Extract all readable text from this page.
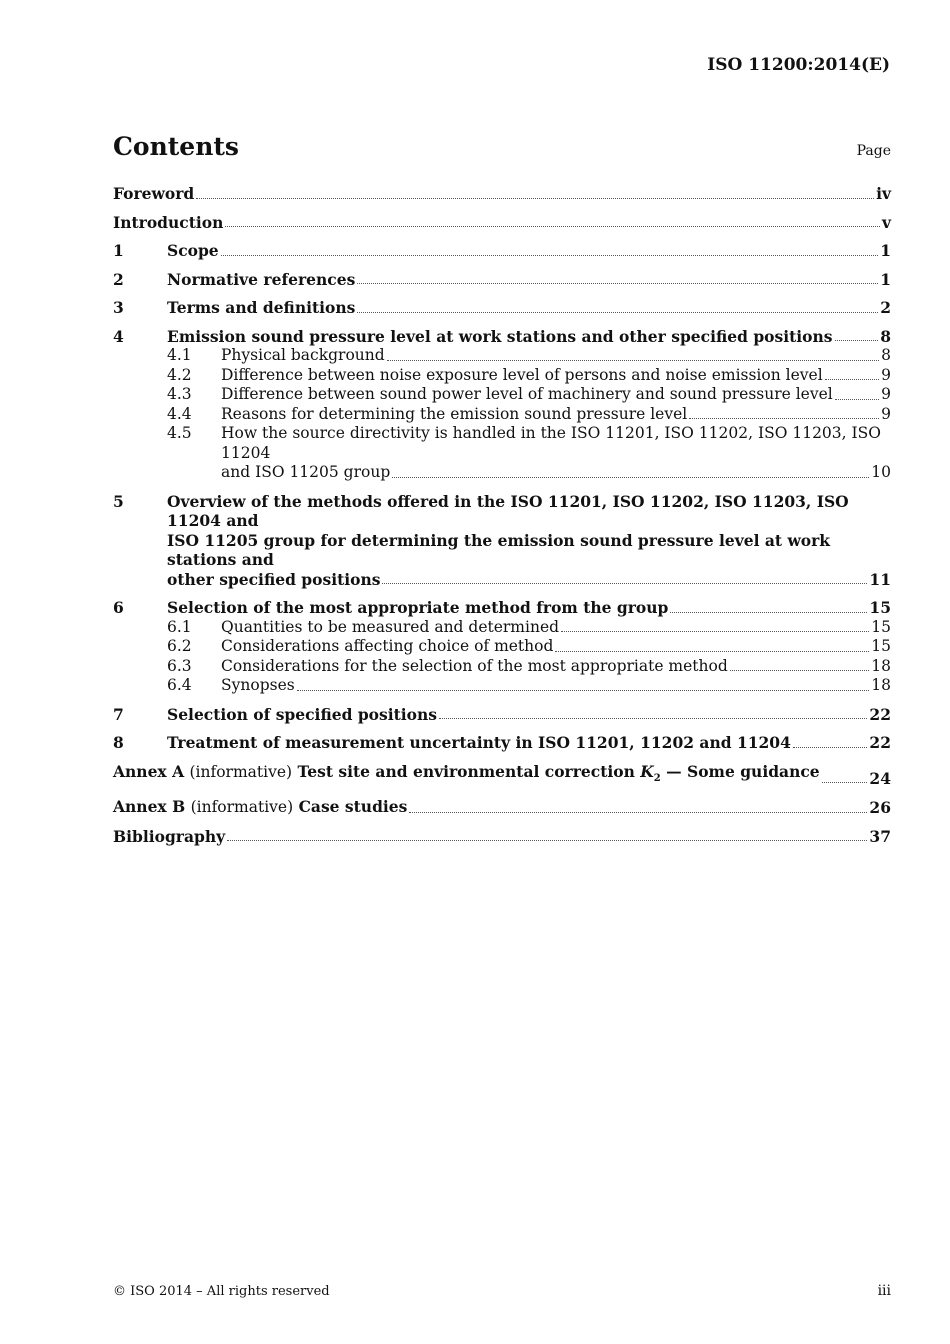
ISO 11200:2014(E)
Contents	Page
Foreword	iv
Introduction	v
1	Scope	1
2	Normative references	1
3	Terms and definitions	2
4	Emission sound pressure level at work stations and other specified positions	8
4.1	Physical background	8
4.2	Difference between noise exposure level of persons and noise emission level	9
4.3	Difference between sound power level of machinery and sound pressure level	9
4.4	Reasons for determining the emission sound pressure level	9
4.5	How the source directivity is handled in the ISO 11201, ISO 11202, ISO 11203, ISO 11204
and ISO 11205 group	10
5	Overview of the methods offered in the ISO 11201, ISO 11202, ISO 11203, ISO 11204 and
ISO 11205 group for determining the emission sound pressure level at work stations and
other specified positions	11
6	Selection of the most appropriate method from the group	15
6.1	Quantities to be measured and determined	15
6.2	Considerations affecting choice of method	15
6.3	Considerations for the selection of the most appropriate method	18
6.4	Synopses	18
7	Selection of specified positions	22
8	Treatment of measurement uncertainty in ISO 11201, 11202 and 11204	22
Annex A (informative) Test site and environmental correction $K_2$ — Some guidance	24
Annex B (informative) Case studies	26
Bibliography	37
© ISO 2014 – All rights reserved	iii
